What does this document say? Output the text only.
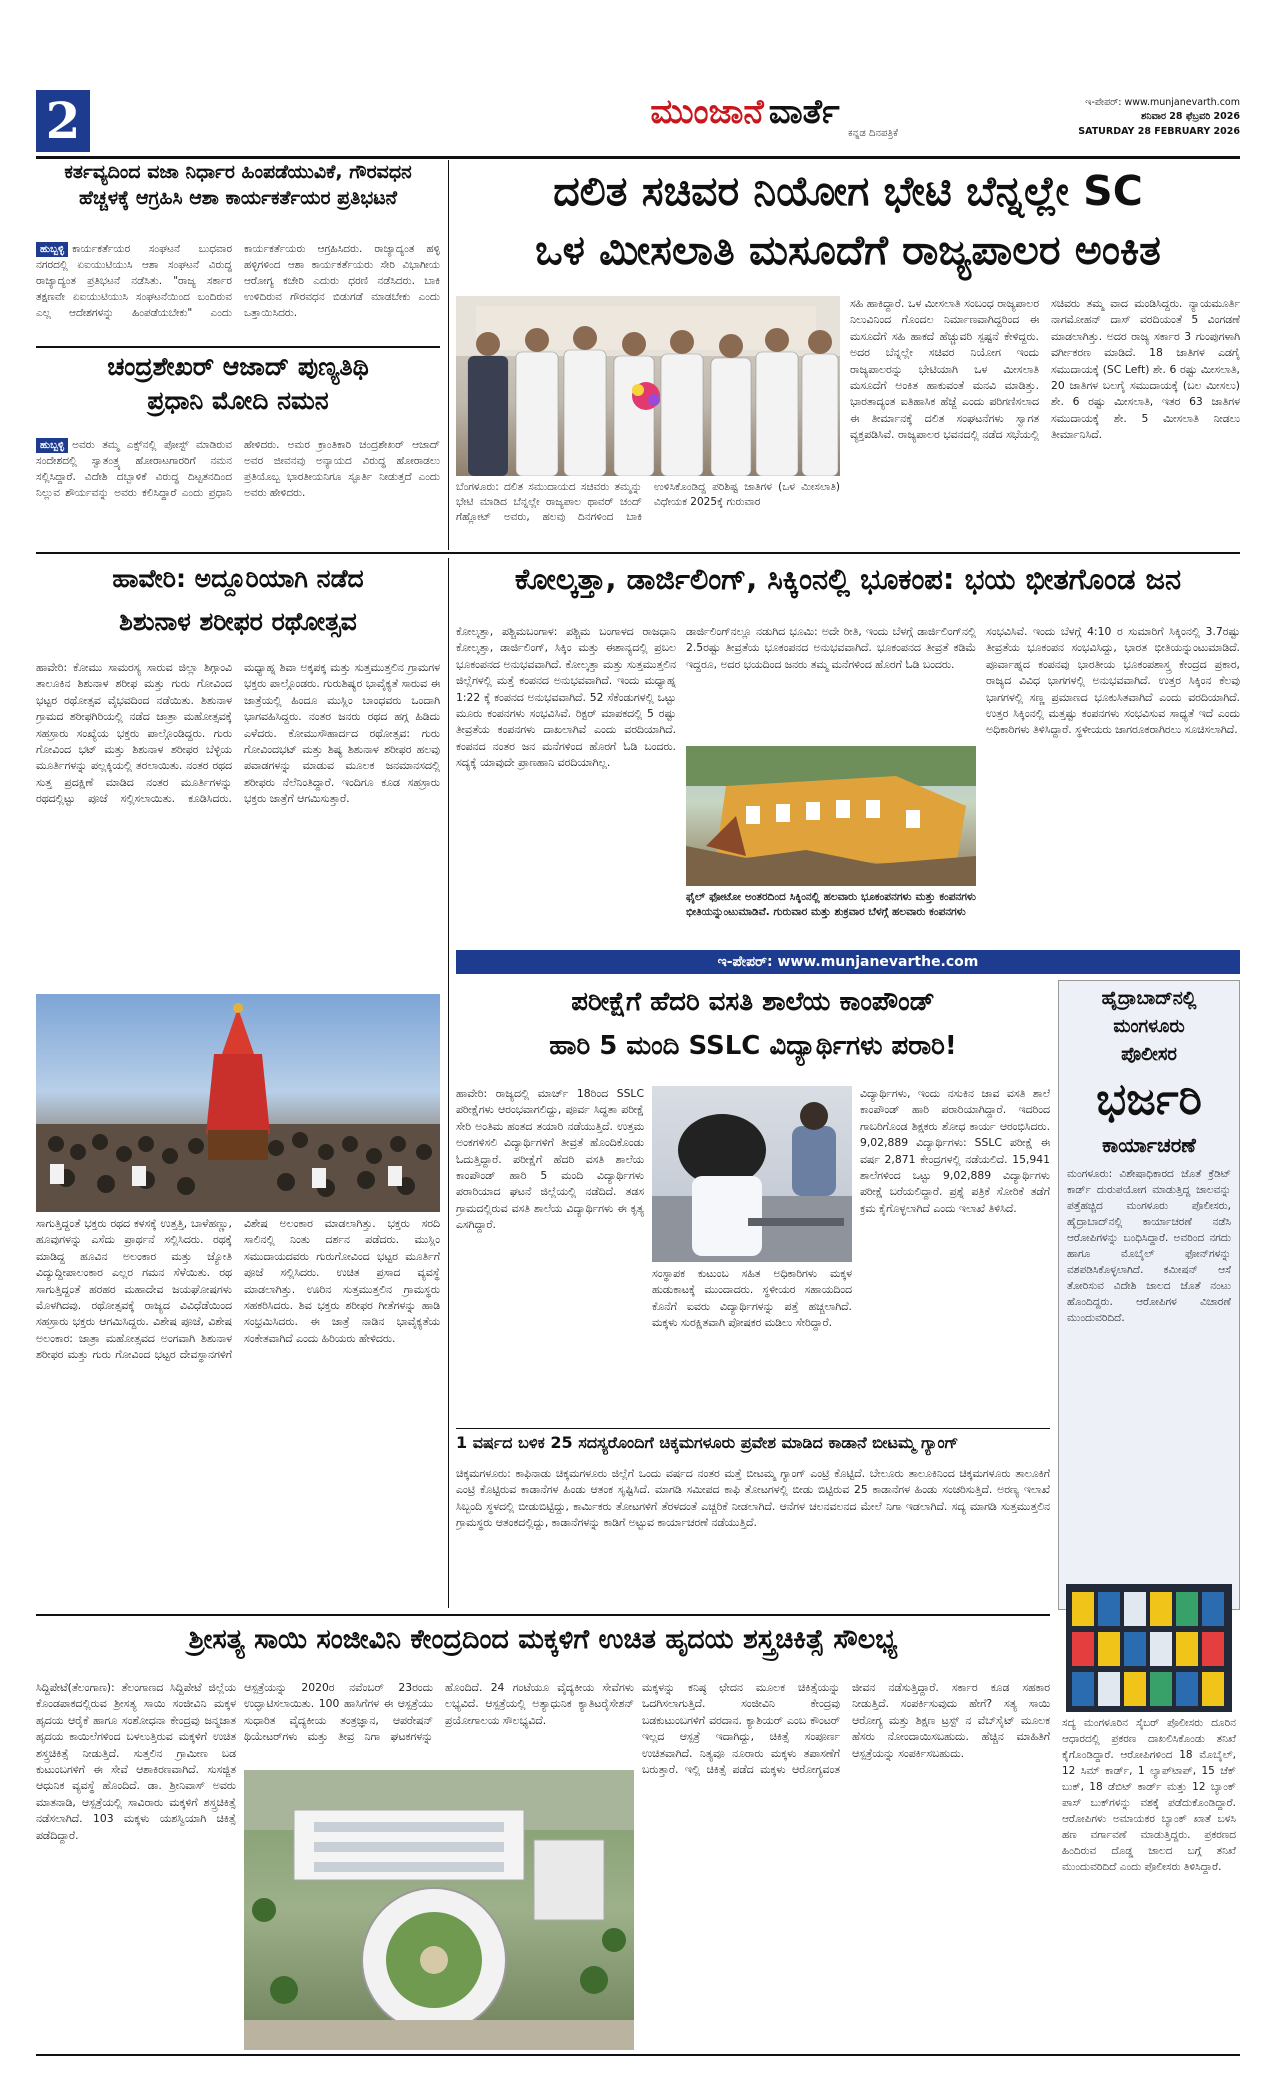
2	ಮುಂಜಾನೆ ವಾರ್ತೆ
ಕನ್ನಡ ದಿನಪತ್ರಿಕೆ
ಇ-ಪೇಪರ್: www.munjanevarth.com
ಶನಿವಾರ 28 ಫೆಬ್ರವರಿ 2026
SATURDAY 28 FEBRUARY 2026
ಕರ್ತವ್ಯದಿಂದ ವಜಾ ನಿರ್ಧಾರ ಹಿಂಪಡೆಯುವಿಕೆ, ಗೌರವಧನ
ಹೆಚ್ಚಳಕ್ಕೆ ಆಗ್ರಹಿಸಿ ಆಶಾ ಕಾರ್ಯಕರ್ತೆಯರ ಪ್ರತಿಭಟನೆ
ಹುಬ್ಬಳ್ಳಿ ಕಾರ್ಯಕರ್ತೆಯರ ಸಂಘಟನೆ ಬುಧವಾರ ನಗರದಲ್ಲಿ ಏಐಯುಟಿಯುಸಿ ಆಶಾ ಸಂಘಟನೆ ವಿರುದ್ಧ ರಾಜ್ಯಾದ್ಯಂತ ಪ್ರತಿಭಟನೆ ನಡೆಸಿತು. "ರಾಜ್ಯ ಸರ್ಕಾರ ತಕ್ಷಣವೇ ಏಐಯುಟಿಯುಸಿ ಸಂಘಟನೆಯಿಂದ ಬಂದಿರುವ ಎಲ್ಲ ಆದೇಶಗಳನ್ನು ಹಿಂಪಡೆಯಬೇಕು" ಎಂದು ಕಾರ್ಯಕರ್ತೆಯರು ಆಗ್ರಹಿಸಿದರು. ರಾಜ್ಯಾದ್ಯಂತ ಹಳ್ಳಿ ಹಳ್ಳಿಗಳಿಂದ ಆಶಾ ಕಾರ್ಯಕರ್ತೆಯರು ಸೇರಿ ವಿಭಾಗೀಯ ಆರೋಗ್ಯ ಕಚೇರಿ ಎದುರು ಧರಣಿ ನಡೆಸಿದರು. ಬಾಕಿ ಉಳಿದಿರುವ ಗೌರವಧನ ಬಿಡುಗಡೆ ಮಾಡಬೇಕು ಎಂದು ಒತ್ತಾಯಿಸಿದರು.
ಚಂದ್ರಶೇಖರ್ ಆಜಾದ್ ಪುಣ್ಯತಿಥಿ
ಪ್ರಧಾನಿ ಮೋದಿ ನಮನ
ಹುಬ್ಬಳ್ಳಿ ಅವರು ತಮ್ಮ ಎಕ್ಸ್‌ನಲ್ಲಿ ಪೋಸ್ಟ್ ಮಾಡಿರುವ ಸಂದೇಶದಲ್ಲಿ ಸ್ವಾತಂತ್ರ್ಯ ಹೋರಾಟಗಾರರಿಗೆ ನಮನ ಸಲ್ಲಿಸಿದ್ದಾರೆ. ವಿದೇಶಿ ದಬ್ಬಾಳಿಕೆ ವಿರುದ್ಧ ದಿಟ್ಟತನದಿಂದ ನಿಲ್ಲುವ ಶೌರ್ಯವನ್ನು ಅವರು ಕಲಿಸಿದ್ದಾರೆ ಎಂದು ಪ್ರಧಾನಿ ಹೇಳಿದರು. ಅಮರ ಕ್ರಾಂತಿಕಾರಿ ಚಂದ್ರಶೇಖರ್ ಆಜಾದ್ ಅವರ ಜೀವನವು ಅನ್ಯಾಯದ ವಿರುದ್ಧ ಹೋರಾಡಲು ಪ್ರತಿಯೊಬ್ಬ ಭಾರತೀಯನಿಗೂ ಸ್ಫೂರ್ತಿ ನೀಡುತ್ತದೆ ಎಂದು ಅವರು ಹೇಳಿದರು.
ದಲಿತ ಸಚಿವರ ನಿಯೋಗ ಭೇಟಿ ಬೆನ್ನಲ್ಲೇ SC
ಒಳ ಮೀಸಲಾತಿ ಮಸೂದೆಗೆ ರಾಜ್ಯಪಾಲರ ಅಂಕಿತ
ಬೆಂಗಳೂರು: ದಲಿತ ಸಮುದಾಯದ ಸಚಿವರು ತಮ್ಮನ್ನು ಭೇಟಿ ಮಾಡಿದ ಬೆನ್ನಲ್ಲೇ ರಾಜ್ಯಪಾಲ ಥಾವರ್ ಚಂದ್ ಗೆಹ್ಲೋಟ್ ಅವರು, ಹಲವು ದಿನಗಳಿಂದ ಬಾಕಿ ಉಳಿಸಿಕೊಂಡಿದ್ದ ಪರಿಶಿಷ್ಟ ಜಾತಿಗಳ (ಒಳ ಮೀಸಲಾತಿ) ವಿಧೇಯಕ 2025ಕ್ಕೆ ಗುರುವಾರ
ಸಹಿ ಹಾಕಿದ್ದಾರೆ. ಒಳ ಮೀಸಲಾತಿ ಸಂಬಂಧ ರಾಜ್ಯಪಾಲರ ನಿಲುವಿನಿಂದ ಗೊಂದಲ ನಿರ್ಮಾಣವಾಗಿದ್ದರಿಂದ ಈ ಮಸೂದೆಗೆ ಸಹಿ ಹಾಕದೆ ಹೆಚ್ಚುವರಿ ಸ್ಪಷ್ಟನೆ ಕೇಳಿದ್ದರು. ಅದರ ಬೆನ್ನಲ್ಲೇ ಸಚಿವರ ನಿಯೋಗ ಇಂದು ರಾಜ್ಯಪಾಲರನ್ನು ಭೇಟಿಯಾಗಿ ಒಳ ಮೀಸಲಾತಿ ಮಸೂದೆಗೆ ಅಂಕಿತ ಹಾಕುವಂತೆ ಮನವಿ ಮಾಡಿತ್ತು. ಭಾರತಾದ್ಯಂತ ಐತಿಹಾಸಿಕ ಹೆಜ್ಜೆ ಎಂದು ಪರಿಗಣಿಸಲಾದ ಈ ತೀರ್ಮಾನಕ್ಕೆ ದಲಿತ ಸಂಘಟನೆಗಳು ಸ್ವಾಗತ ವ್ಯಕ್ತಪಡಿಸಿವೆ. ರಾಜ್ಯಪಾಲರ ಭವನದಲ್ಲಿ ನಡೆದ ಸಭೆಯಲ್ಲಿ ಸಚಿವರು ತಮ್ಮ ವಾದ ಮಂಡಿಸಿದ್ದರು. ನ್ಯಾಯಮೂರ್ತಿ ನಾಗಮೋಹನ್ ದಾಸ್ ವರದಿಯಂತೆ 5 ವಿಂಗಡಣೆ ಮಾಡಲಾಗಿತ್ತು. ಅದರ ರಾಜ್ಯ ಸರ್ಕಾರ 3 ಗುಂಪುಗಳಾಗಿ ವರ್ಗೀಕರಣ ಮಾಡಿದೆ. 18 ಜಾತಿಗಳ ಎಡಗೈ ಸಮುದಾಯಕ್ಕೆ (SC Left) ಶೇ. 6 ರಷ್ಟು ಮೀಸಲಾತಿ, 20 ಜಾತಿಗಳ ಬಲಗೈ ಸಮುದಾಯಕ್ಕೆ (ಬಲ ಮೀಸಲು) ಶೇ. 6 ರಷ್ಟು ಮೀಸಲಾತಿ, ಇತರ 63 ಜಾತಿಗಳ ಸಮುದಾಯಕ್ಕೆ ಶೇ. 5 ಮೀಸಲಾತಿ ನೀಡಲು ತೀರ್ಮಾನಿಸಿದೆ.
ಹಾವೇರಿ: ಅದ್ದೂರಿಯಾಗಿ ನಡೆದ
ಶಿಶುನಾಳ ಶರೀಫರ ರಥೋತ್ಸವ
ಹಾವೇರಿ: ಕೋಮು ಸಾಮರಸ್ಯ ಸಾರುವ ಜಿಲ್ಲಾ ಶಿಗ್ಗಾಂವಿ ತಾಲೂಕಿನ ಶಿಶುನಾಳ ಶರೀಫ ಮತ್ತು ಗುರು ಗೋವಿಂದ ಭಟ್ಟರ ರಥೋತ್ಸವ ವೈಭವದಿಂದ ನಡೆಯಿತು. ಶಿಶುನಾಳ ಗ್ರಾಮದ ಶರೀಫಗಿರಿಯಲ್ಲಿ ನಡೆದ ಜಾತ್ರಾ ಮಹೋತ್ಸವಕ್ಕೆ ಸಹಸ್ರಾರು ಸಂಖ್ಯೆಯ ಭಕ್ತರು ಪಾಲ್ಗೊಂಡಿದ್ದರು. ಗುರು ಗೋವಿಂದ ಭಟ್ ಮತ್ತು ಶಿಶುನಾಳ ಶರೀಫರ ಬೆಳ್ಳಿಯ ಮೂರ್ತಿಗಳನ್ನು ಪಲ್ಲಕ್ಕಿಯಲ್ಲಿ ತರಲಾಯಿತು. ನಂತರ ರಥದ ಸುತ್ತ ಪ್ರದಕ್ಷಿಣೆ ಮಾಡಿದ ನಂತರ ಮೂರ್ತಿಗಳನ್ನು ರಥದಲ್ಲಿಟ್ಟು ಪೂಜೆ ಸಲ್ಲಿಸಲಾಯಿತು. ಕೂಡಿಸಿದರು. ಮಧ್ಯಾಹ್ನ ಶಿವಾ ಅಕ್ಕಪಕ್ಕ ಮತ್ತು ಸುತ್ತಮುತ್ತಲಿನ ಗ್ರಾಮಗಳ ಭಕ್ತರು ಪಾಲ್ಗೊಂಡರು. ಗುರುಶಿಷ್ಯರ ಭಾವೈಕ್ಯತೆ ಸಾರುವ ಈ ಜಾತ್ರೆಯಲ್ಲಿ ಹಿಂದೂ ಮುಸ್ಲಿಂ ಬಾಂಧವರು ಒಂದಾಗಿ ಭಾಗವಹಿಸಿದ್ದರು. ನಂತರ ಜನರು ರಥದ ಹಗ್ಗ ಹಿಡಿದು ಎಳೆದರು. ಕೋಮುಸೌಹಾರ್ದದ ರಥೋತ್ಸವ: ಗುರು ಗೋವಿಂದಭಟ್ ಮತ್ತು ಶಿಷ್ಯ ಶಿಶುನಾಳ ಶರೀಫರ ಹಲವು ಪವಾಡಗಳನ್ನು ಮಾಡುವ ಮೂಲಕ ಜನಮಾನಸದಲ್ಲಿ ಶರೀಫರು ನೆಲೆನಿಂತಿದ್ದಾರೆ. ಇಂದಿಗೂ ಕೂಡ ಸಹಸ್ರಾರು ಭಕ್ತರು ಜಾತ್ರೆಗೆ ಆಗಮಿಸುತ್ತಾರೆ.
ಸಾಗುತ್ತಿದ್ದಂತೆ ಭಕ್ತರು ರಥದ ಕಳಸಕ್ಕೆ ಉತ್ತತ್ತಿ, ಬಾಳೆಹಣ್ಣು, ಹೂವುಗಳನ್ನು ಎಸೆದು ಪ್ರಾರ್ಥನೆ ಸಲ್ಲಿಸಿದರು. ರಥಕ್ಕೆ ಮಾಡಿದ್ದ ಹೂವಿನ ಅಲಂಕಾರ ಮತ್ತು ಜ್ಯೋತಿ ವಿದ್ಯುದ್ದೀಪಾಲಂಕಾರ ಎಲ್ಲರ ಗಮನ ಸೆಳೆಯಿತು. ರಥ ಸಾಗುತ್ತಿದ್ದಂತೆ ಹರಹರ ಮಹಾದೇವ ಜಯಘೋಷಗಳು ಮೊಳಗಿದವು. ರಥೋತ್ಸವಕ್ಕೆ ರಾಜ್ಯದ ವಿವಿಧೆಡೆಯಿಂದ ಸಹಸ್ರಾರು ಭಕ್ತರು ಆಗಮಿಸಿದ್ದರು. ವಿಶೇಷ ಪೂಜೆ, ವಿಶೇಷ ಅಲಂಕಾರ: ಜಾತ್ರಾ ಮಹೋತ್ಸವದ ಅಂಗವಾಗಿ ಶಿಶುನಾಳ ಶರೀಫರ ಮತ್ತು ಗುರು ಗೋವಿಂದ ಭಟ್ಟರ ದೇವಸ್ಥಾನಗಳಿಗೆ ವಿಶೇಷ ಅಲಂಕಾರ ಮಾಡಲಾಗಿತ್ತು. ಭಕ್ತರು ಸರದಿ ಸಾಲಿನಲ್ಲಿ ನಿಂತು ದರ್ಶನ ಪಡೆದರು. ಮುಸ್ಲಿಂ ಸಮುದಾಯದವರು ಗುರುಗೋವಿಂದ ಭಟ್ಟರ ಮೂರ್ತಿಗೆ ಪೂಜೆ ಸಲ್ಲಿಸಿದರು. ಉಚಿತ ಪ್ರಸಾದ ವ್ಯವಸ್ಥೆ ಮಾಡಲಾಗಿತ್ತು. ಊರಿನ ಸುತ್ತಮುತ್ತಲಿನ ಗ್ರಾಮಸ್ಥರು ಸಹಕರಿಸಿದರು. ಶಿವ ಭಕ್ತರು ಶರೀಫರ ಗೀತೆಗಳನ್ನು ಹಾಡಿ ಸಂಭ್ರಮಿಸಿದರು. ಈ ಜಾತ್ರೆ ನಾಡಿನ ಭಾವೈಕ್ಯತೆಯ ಸಂಕೇತವಾಗಿದೆ ಎಂದು ಹಿರಿಯರು ಹೇಳಿದರು.
ಕೋಲ್ಕತ್ತಾ, ಡಾರ್ಜಿಲಿಂಗ್, ಸಿಕ್ಕಿಂನಲ್ಲಿ ಭೂಕಂಪ: ಭಯ ಭೀತಗೊಂಡ ಜನ
ಕೋಲ್ಕತ್ತಾ, ಪಶ್ಚಿಮಬಂಗಾಳ: ಪಶ್ಚಿಮ ಬಂಗಾಳದ ರಾಜಧಾನಿ ಕೋಲ್ಕತ್ತಾ, ಡಾರ್ಜಿಲಿಂಗ್, ಸಿಕ್ಕಿಂ ಮತ್ತು ಈಶಾನ್ಯದಲ್ಲಿ ಪ್ರಬಲ ಭೂಕಂಪನದ ಅನುಭವವಾಗಿದೆ. ಕೋಲ್ಕತ್ತಾ ಮತ್ತು ಸುತ್ತಮುತ್ತಲಿನ ಜಿಲ್ಲೆಗಳಲ್ಲಿ ಮತ್ತೆ ಕಂಪನದ ಅನುಭವವಾಗಿದೆ. ಇಂದು ಮಧ್ಯಾಹ್ನ 1:22 ಕ್ಕೆ ಕಂಪನದ ಅನುಭವವಾಗಿದೆ. 52 ಸೆಕೆಂಡುಗಳಲ್ಲಿ ಒಟ್ಟು ಮೂರು ಕಂಪನಗಳು ಸಂಭವಿಸಿವೆ. ರಿಕ್ಟರ್ ಮಾಪಕದಲ್ಲಿ 5 ರಷ್ಟು ತೀವ್ರತೆಯ ಕಂಪನಗಳು ದಾಖಲಾಗಿವೆ ಎಂದು ವರದಿಯಾಗಿದೆ. ಕಂಪನದ ನಂತರ ಜನ ಮನೆಗಳಿಂದ ಹೊರಗೆ ಓಡಿ ಬಂದರು. ಸದ್ಯಕ್ಕೆ ಯಾವುದೇ ಪ್ರಾಣಹಾನಿ ವರದಿಯಾಗಿಲ್ಲ.
ಡಾರ್ಜಿಲಿಂಗ್‌ನಲ್ಲೂ ನಡುಗಿದ ಭೂಮಿ: ಅದೇ ರೀತಿ, ಇಂದು ಬೆಳಗ್ಗೆ ಡಾರ್ಜಿಲಿಂಗ್‌ನಲ್ಲಿ 2.5ರಷ್ಟು ತೀವ್ರತೆಯ ಭೂಕಂಪನದ ಅನುಭವವಾಗಿದೆ. ಭೂಕಂಪನದ ತೀವ್ರತೆ ಕಡಿಮೆ ಇದ್ದರೂ, ಅದರ ಭಯದಿಂದ ಜನರು ತಮ್ಮ ಮನೆಗಳಿಂದ ಹೊರಗೆ ಓಡಿ ಬಂದರು.
ಫೈಲ್ ಫೋಟೋ ಅಂತರದಿಂದ ಸಿಕ್ಕಿಂನಲ್ಲಿ ಹಲವಾರು ಭೂಕಂಪನಗಳು ಮತ್ತು ಕಂಪನಗಳು ಭೀತಿಯನ್ನುಂಟುಮಾಡಿವೆ. ಗುರುವಾರ ಮತ್ತು ಶುಕ್ರವಾರ ಬೆಳಗ್ಗೆ ಹಲವಾರು ಕಂಪನಗಳು
ಸಂಭವಿಸಿವೆ. ಇಂದು ಬೆಳಗ್ಗೆ 4:10 ರ ಸುಮಾರಿಗೆ ಸಿಕ್ಕಿಂನಲ್ಲಿ 3.7ರಷ್ಟು ತೀವ್ರತೆಯ ಭೂಕಂಪನ ಸಂಭವಿಸಿದ್ದು, ಭಾರತ ಭೀತಿಯನ್ನುಂಟುಮಾಡಿದೆ. ಪೂರ್ವಾಹ್ನದ ಕಂಪನವು ಭಾರತೀಯ ಭೂಕಂಪಶಾಸ್ತ್ರ ಕೇಂದ್ರದ ಪ್ರಕಾರ, ರಾಜ್ಯದ ವಿವಿಧ ಭಾಗಗಳಲ್ಲಿ ಅನುಭವವಾಗಿದೆ. ಉತ್ತರ ಸಿಕ್ಕಿಂನ ಕೆಲವು ಭಾಗಗಳಲ್ಲಿ ಸಣ್ಣ ಪ್ರಮಾಣದ ಭೂಕುಸಿತವಾಗಿದೆ ಎಂದು ವರದಿಯಾಗಿದೆ. ಉತ್ತರ ಸಿಕ್ಕಿಂನಲ್ಲಿ ಮತ್ತಷ್ಟು ಕಂಪನಗಳು ಸಂಭವಿಸುವ ಸಾಧ್ಯತೆ ಇದೆ ಎಂದು ಅಧಿಕಾರಿಗಳು ತಿಳಿಸಿದ್ದಾರೆ. ಸ್ಥಳೀಯರು ಜಾಗರೂಕರಾಗಿರಲು ಸೂಚಿಸಲಾಗಿದೆ.
ಇ-ಪೇಪರ್: www.munjanevarthe.com
ಪರೀಕ್ಷೆಗೆ ಹೆದರಿ ವಸತಿ ಶಾಲೆಯ ಕಾಂಪೌಂಡ್
ಹಾರಿ 5 ಮಂದಿ SSLC ವಿದ್ಯಾರ್ಥಿಗಳು ಪರಾರಿ!
ಹಾವೇರಿ: ರಾಜ್ಯದಲ್ಲಿ ಮಾರ್ಚ್ 18ರಿಂದ SSLC ಪರೀಕ್ಷೆಗಳು ಆರಂಭವಾಗಲಿದ್ದು, ಪೂರ್ವ ಸಿದ್ಧತಾ ಪರೀಕ್ಷೆ ಸೇರಿ ಅಂತಿಮ ಹಂತದ ತಯಾರಿ ನಡೆಯುತ್ತಿದೆ. ಉತ್ತಮ ಅಂಕಗಳಿಸಲಿ ವಿದ್ಯಾರ್ಥಿಗಳಿಗೆ ತೀವ್ರತೆ ಹೊಂದಿಕೊಂಡು ಓದುತ್ತಿದ್ದಾರೆ. ಪರೀಕ್ಷೆಗೆ ಹೆದರಿ ವಸತಿ ಶಾಲೆಯ ಕಾಂಪೌಂಡ್ ಹಾರಿ 5 ಮಂದಿ ವಿದ್ಯಾರ್ಥಿಗಳು ಪರಾರಿಯಾದ ಘಟನೆ ಜಿಲ್ಲೆಯಲ್ಲಿ ನಡೆದಿದೆ. ತಡಸ ಗ್ರಾಮದಲ್ಲಿರುವ ವಸತಿ ಶಾಲೆಯ ವಿದ್ಯಾರ್ಥಿಗಳು ಈ ಕೃತ್ಯ ಎಸಗಿದ್ದಾರೆ.
ಸಂಸ್ಥಾಪಕ ಕುಟುಂಬ ಸಹಿತ ಅಧಿಕಾರಿಗಳು ಮಕ್ಕಳ ಹುಡುಕಾಟಕ್ಕೆ ಮುಂದಾದರು. ಸ್ಥಳೀಯರ ಸಹಾಯದಿಂದ ಕೊನೆಗೆ ಐವರು ವಿದ್ಯಾರ್ಥಿಗಳನ್ನು ಪತ್ತೆ ಹಚ್ಚಲಾಗಿದೆ. ಮಕ್ಕಳು ಸುರಕ್ಷಿತವಾಗಿ ಪೋಷಕರ ಮಡಿಲು ಸೇರಿದ್ದಾರೆ.
ವಿದ್ಯಾರ್ಥಿಗಳು, ಇಂದು ನಸುಕಿನ ಜಾವ ವಸತಿ ಶಾಲೆ ಕಾಂಪೌಂಡ್ ಹಾರಿ ಪರಾರಿಯಾಗಿದ್ದಾರೆ. ಇದರಿಂದ ಗಾಬರಿಗೊಂಡ ಶಿಕ್ಷಕರು ಶೋಧ ಕಾರ್ಯ ಆರಂಭಿಸಿದರು. 9,02,889 ವಿದ್ಯಾರ್ಥಿಗಳು: SSLC ಪರೀಕ್ಷೆ ಈ ವರ್ಷ 2,871 ಕೇಂದ್ರಗಳಲ್ಲಿ ನಡೆಯಲಿದೆ. 15,941 ಶಾಲೆಗಳಿಂದ ಒಟ್ಟು 9,02,889 ವಿದ್ಯಾರ್ಥಿಗಳು ಪರೀಕ್ಷೆ ಬರೆಯಲಿದ್ದಾರೆ. ಪ್ರಶ್ನೆ ಪತ್ರಿಕೆ ಸೋರಿಕೆ ತಡೆಗೆ ಕ್ರಮ ಕೈಗೊಳ್ಳಲಾಗಿದೆ ಎಂದು ಇಲಾಖೆ ತಿಳಿಸಿದೆ.
1 ವರ್ಷದ ಬಳಿಕ 25 ಸದಸ್ಯರೊಂದಿಗೆ ಚಿಕ್ಕಮಗಳೂರು ಪ್ರವೇಶ ಮಾಡಿದ ಕಾಡಾನೆ ಬೀಟಮ್ಮ ಗ್ಯಾಂಗ್
ಚಿಕ್ಕಮಗಳೂರು: ಕಾಫಿನಾಡು ಚಿಕ್ಕಮಗಳೂರು ಜಿಲ್ಲೆಗೆ ಒಂದು ವರ್ಷದ ನಂತರ ಮತ್ತೆ ಬೀಟಮ್ಮ ಗ್ಯಾಂಗ್ ಎಂಟ್ರಿ ಕೊಟ್ಟಿದೆ. ಬೇಲೂರು ತಾಲೂಕಿನಿಂದ ಚಿಕ್ಕಮಗಳೂರು ತಾಲೂಕಿಗೆ ಎಂಟ್ರಿ ಕೊಟ್ಟಿರುವ ಕಾಡಾನೆಗಳ ಹಿಂಡು ಆತಂಕ ಸೃಷ್ಟಿಸಿದೆ. ಮಾಗಡಿ ಸಮೀಪದ ಕಾಫಿ ತೋಟಗಳಲ್ಲಿ ಬೀಡು ಬಿಟ್ಟಿರುವ 25 ಕಾಡಾನೆಗಳ ಹಿಂಡು ಸಂಚರಿಸುತ್ತಿದೆ. ಅರಣ್ಯ ಇಲಾಖೆ ಸಿಬ್ಬಂದಿ ಸ್ಥಳದಲ್ಲಿ ಬೀಡುಬಿಟ್ಟಿದ್ದು, ಕಾರ್ಮಿಕರು ತೋಟಗಳಿಗೆ ತೆರಳದಂತೆ ಎಚ್ಚರಿಕೆ ನೀಡಲಾಗಿದೆ. ಆನೆಗಳ ಚಲನವಲನದ ಮೇಲೆ ನಿಗಾ ಇಡಲಾಗಿದೆ. ಸದ್ಯ ಮಾಗಡಿ ಸುತ್ತಮುತ್ತಲಿನ ಗ್ರಾಮಸ್ಥರು ಆತಂಕದಲ್ಲಿದ್ದು, ಕಾಡಾನೆಗಳನ್ನು ಕಾಡಿಗೆ ಅಟ್ಟುವ ಕಾರ್ಯಾಚರಣೆ ನಡೆಯುತ್ತಿದೆ.
ಹೈದ್ರಾಬಾದ್‌ನಲ್ಲಿ
ಮಂಗಳೂರು
ಪೊಲೀಸರ
ಭರ್ಜರಿ
ಕಾರ್ಯಾಚರಣೆ
ಮಂಗಳೂರು: ವಿಶೇಷಾಧಿಕಾರದ ಜೊತೆ ಕ್ರೆಡಿಟ್ ಕಾರ್ಡ್ ದುರುಪಯೋಗ ಮಾಡುತ್ತಿದ್ದ ಜಾಲವನ್ನು ಪತ್ತೆಹಚ್ಚಿದ ಮಂಗಳೂರು ಪೊಲೀಸರು, ಹೈದ್ರಾಬಾದ್‌ನಲ್ಲಿ ಕಾರ್ಯಾಚರಣೆ ನಡೆಸಿ ಆರೋಪಿಗಳನ್ನು ಬಂಧಿಸಿದ್ದಾರೆ. ಅವರಿಂದ ನಗದು ಹಾಗೂ ಮೊಬೈಲ್ ಫೋನ್‌ಗಳನ್ನು ವಶಪಡಿಸಿಕೊಳ್ಳಲಾಗಿದೆ. ಕಮೀಷನ್ ಆಸೆ ತೋರಿಸುವ ವಿದೇಶಿ ಜಾಲದ ಜೊತೆ ನಂಟು ಹೊಂದಿದ್ದರು. ಆರೋಪಿಗಳ ವಿಚಾರಣೆ ಮುಂದುವರಿದಿದೆ.
ಸದ್ಯ ಮಂಗಳೂರಿನ ಸೈಬರ್ ಪೊಲೀಸರು ದೂರಿನ ಆಧಾರದಲ್ಲಿ ಪ್ರಕರಣ ದಾಖಲಿಸಿಕೊಂಡು ತನಿಖೆ ಕೈಗೊಂಡಿದ್ದಾರೆ. ಆರೋಪಿಗಳಿಂದ 18 ಮೊಬೈಲ್, 12 ಸಿಮ್ ಕಾರ್ಡ್, 1 ಲ್ಯಾಪ್‌ಟಾಪ್, 15 ಚೆಕ್ ಬುಕ್, 18 ಡೆಬಿಟ್ ಕಾರ್ಡ್ ಮತ್ತು 12 ಬ್ಯಾಂಕ್ ಪಾಸ್ ಬುಕ್‌ಗಳನ್ನು ವಶಕ್ಕೆ ಪಡೆದುಕೊಂಡಿದ್ದಾರೆ. ಆರೋಪಿಗಳು ಅಮಾಯಕರ ಬ್ಯಾಂಕ್ ಖಾತೆ ಬಳಸಿ ಹಣ ವರ್ಗಾವಣೆ ಮಾಡುತ್ತಿದ್ದರು. ಪ್ರಕರಣದ ಹಿಂದಿರುವ ದೊಡ್ಡ ಜಾಲದ ಬಗ್ಗೆ ತನಿಖೆ ಮುಂದುವರಿದಿದೆ ಎಂದು ಪೊಲೀಸರು ತಿಳಿಸಿದ್ದಾರೆ.
ಶ್ರೀಸತ್ಯ ಸಾಯಿ ಸಂಜೀವಿನಿ ಕೇಂದ್ರದಿಂದ ಮಕ್ಕಳಿಗೆ ಉಚಿತ ಹೃದಯ ಶಸ್ತ್ರಚಿಕಿತ್ಸೆ ಸೌಲಭ್ಯ
ಸಿದ್ದಿಪೇಟೆ(ತೆಲಂಗಾಣ): ತೆಲಂಗಾಣದ ಸಿದ್ದಿಪೇಟೆ ಜಿಲ್ಲೆಯ ಕೊಂಡಪಾಕದಲ್ಲಿರುವ ಶ್ರೀಸತ್ಯ ಸಾಯಿ ಸಂಜೀವಿನಿ ಮಕ್ಕಳ ಹೃದಯ ಆರೈಕೆ ಹಾಗೂ ಸಂಶೋಧನಾ ಕೇಂದ್ರವು ಜನ್ಮಜಾತ ಹೃದಯ ಕಾಯಿಲೆಗಳಿಂದ ಬಳಲುತ್ತಿರುವ ಮಕ್ಕಳಿಗೆ ಉಚಿತ ಶಸ್ತ್ರಚಿಕಿತ್ಸೆ ನೀಡುತ್ತಿದೆ. ಸುತ್ತಲಿನ ಗ್ರಾಮೀಣ ಬಡ ಕುಟುಂಬಗಳಿಗೆ ಈ ಸೇವೆ ಆಶಾಕಿರಣವಾಗಿದೆ. ಸುಸಜ್ಜಿತ ಆಧುನಿಕ ವ್ಯವಸ್ಥೆ ಹೊಂದಿದೆ. ಡಾ. ಶ್ರೀನಿವಾಸ್ ಅವರು ಮಾತನಾಡಿ, ಆಸ್ಪತ್ರೆಯಲ್ಲಿ ಸಾವಿರಾರು ಮಕ್ಕಳಿಗೆ ಶಸ್ತ್ರಚಿಕಿತ್ಸೆ ನಡೆಸಲಾಗಿದೆ. 103 ಮಕ್ಕಳು ಯಶಸ್ವಿಯಾಗಿ ಚಿಕಿತ್ಸೆ ಪಡೆದಿದ್ದಾರೆ.
ಆಸ್ಪತ್ರೆಯನ್ನು 2020ರ ನವೆಂಬರ್ 23ರಂದು ಉದ್ಘಾಟಿಸಲಾಯಿತು. 100 ಹಾಸಿಗೆಗಳ ಈ ಆಸ್ಪತ್ರೆಯು ಸುಧಾರಿತ ವೈದ್ಯಕೀಯ ತಂತ್ರಜ್ಞಾನ, ಆಪರೇಷನ್ ಥಿಯೇಟರ್‌ಗಳು ಮತ್ತು ತೀವ್ರ ನಿಗಾ ಘಟಕಗಳನ್ನು ಹೊಂದಿದೆ. 24 ಗಂಟೆಯೂ ವೈದ್ಯಕೀಯ ಸೇವೆಗಳು ಲಭ್ಯವಿದೆ. ಆಸ್ಪತ್ರೆಯಲ್ಲಿ ಅತ್ಯಾಧುನಿಕ ಕ್ಯಾತಿಟರೈಸೇಶನ್ ಪ್ರಯೋಗಾಲಯ ಸೌಲಭ್ಯವಿದೆ.
ಮಕ್ಕಳನ್ನು ಕನಿಷ್ಠ ಛೇದನ ಮೂಲಕ ಚಿಕಿತ್ಸೆಯನ್ನು ಒದಗಿಸಲಾಗುತ್ತಿದೆ. ಸಂಜೀವಿನಿ ಕೇಂದ್ರವು ಬಡಕುಟುಂಬಗಳಿಗೆ ವರದಾನ. ಕ್ಯಾಶಿಯರ್ ಎಂಬ ಕೌಂಟರ್ ಇಲ್ಲದ ಆಸ್ಪತ್ರೆ ಇದಾಗಿದ್ದು, ಚಿಕಿತ್ಸೆ ಸಂಪೂರ್ಣ ಉಚಿತವಾಗಿದೆ. ನಿತ್ಯವೂ ನೂರಾರು ಮಕ್ಕಳು ತಪಾಸಣೆಗೆ ಬರುತ್ತಾರೆ. ಇಲ್ಲಿ ಚಿಕಿತ್ಸೆ ಪಡೆದ ಮಕ್ಕಳು ಆರೋಗ್ಯವಂತ ಜೀವನ ನಡೆಸುತ್ತಿದ್ದಾರೆ. ಸರ್ಕಾರ ಕೂಡ ಸಹಕಾರ ನೀಡುತ್ತಿದೆ. ಸಂಪರ್ಕಿಸುವುದು ಹೇಗೆ? ಸತ್ಯ ಸಾಯಿ ಆರೋಗ್ಯ ಮತ್ತು ಶಿಕ್ಷಣ ಟ್ರಸ್ಟ್ ನ ವೆಬ್‌ಸೈಟ್ ಮೂಲಕ ಹೆಸರು ನೋಂದಾಯಿಸಬಹುದು. ಹೆಚ್ಚಿನ ಮಾಹಿತಿಗೆ ಆಸ್ಪತ್ರೆಯನ್ನು ಸಂಪರ್ಕಿಸಬಹುದು.
